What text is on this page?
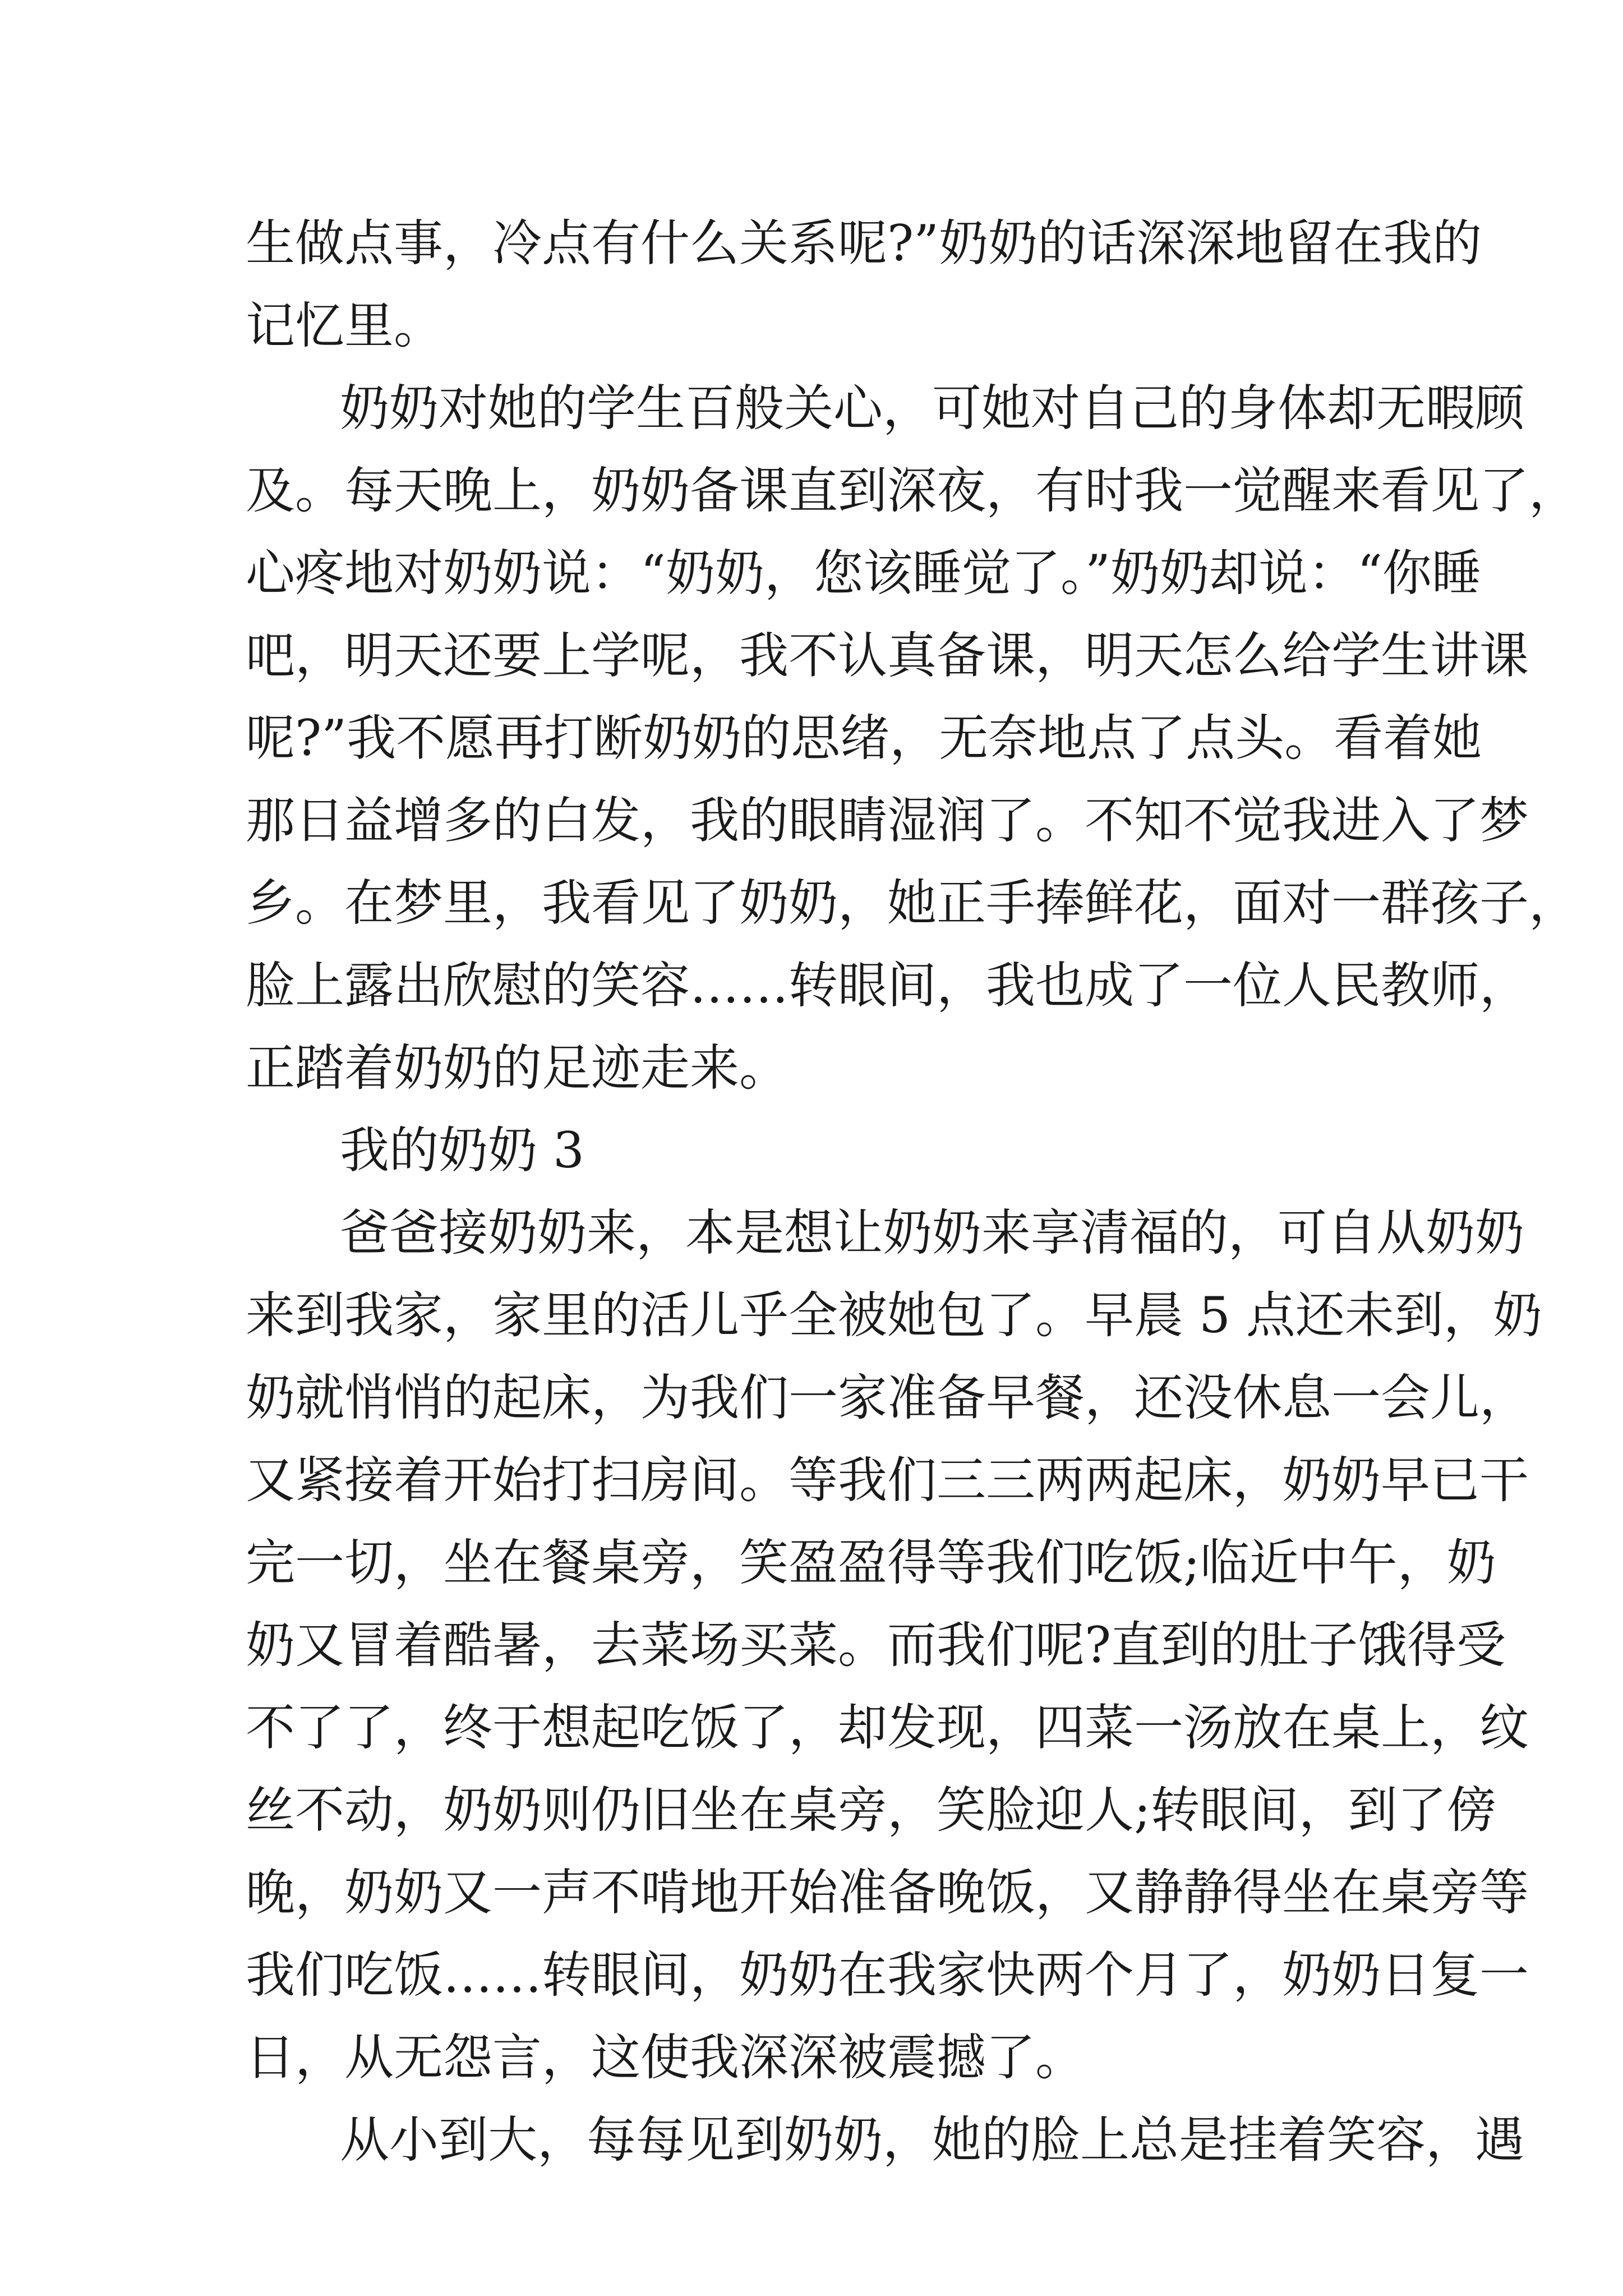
生做点事，冷点有什么关系呢?”奶奶的话深深地留在我的
记忆里。
奶奶对她的学生百般关心，可她对自己的身体却无暇顾
及。每天晚上，奶奶备课直到深夜，有时我一觉醒来看见了，
心疼地对奶奶说：“奶奶，您该睡觉了。”奶奶却说：“你睡
吧，明天还要上学呢，我不认真备课，明天怎么给学生讲课
呢?”我不愿再打断奶奶的思绪，无奈地点了点头。看着她
那日益增多的白发，我的眼睛湿润了。不知不觉我进入了梦
乡。在梦里，我看见了奶奶，她正手捧鲜花，面对一群孩子，
脸上露出欣慰的笑容……转眼间，我也成了一位人民教师，
正踏着奶奶的足迹走来。
我的奶奶 3
爸爸接奶奶来，本是想让奶奶来享清福的，可自从奶奶
来到我家，家里的活儿乎全被她包了。早晨 5 点还未到，奶
奶就悄悄的起床，为我们一家准备早餐，还没休息一会儿，
又紧接着开始打扫房间。等我们三三两两起床，奶奶早已干
完一切，坐在餐桌旁，笑盈盈得等我们吃饭;临近中午，奶
奶又冒着酷暑，去菜场买菜。而我们呢?直到的肚子饿得受
不了了，终于想起吃饭了，却发现，四菜一汤放在桌上，纹
丝不动，奶奶则仍旧坐在桌旁，笑脸迎人;转眼间，到了傍
晚，奶奶又一声不啃地开始准备晚饭，又静静得坐在桌旁等
我们吃饭……转眼间，奶奶在我家快两个月了，奶奶日复一
日，从无怨言，这使我深深被震撼了。
从小到大，每每见到奶奶，她的脸上总是挂着笑容，遇
